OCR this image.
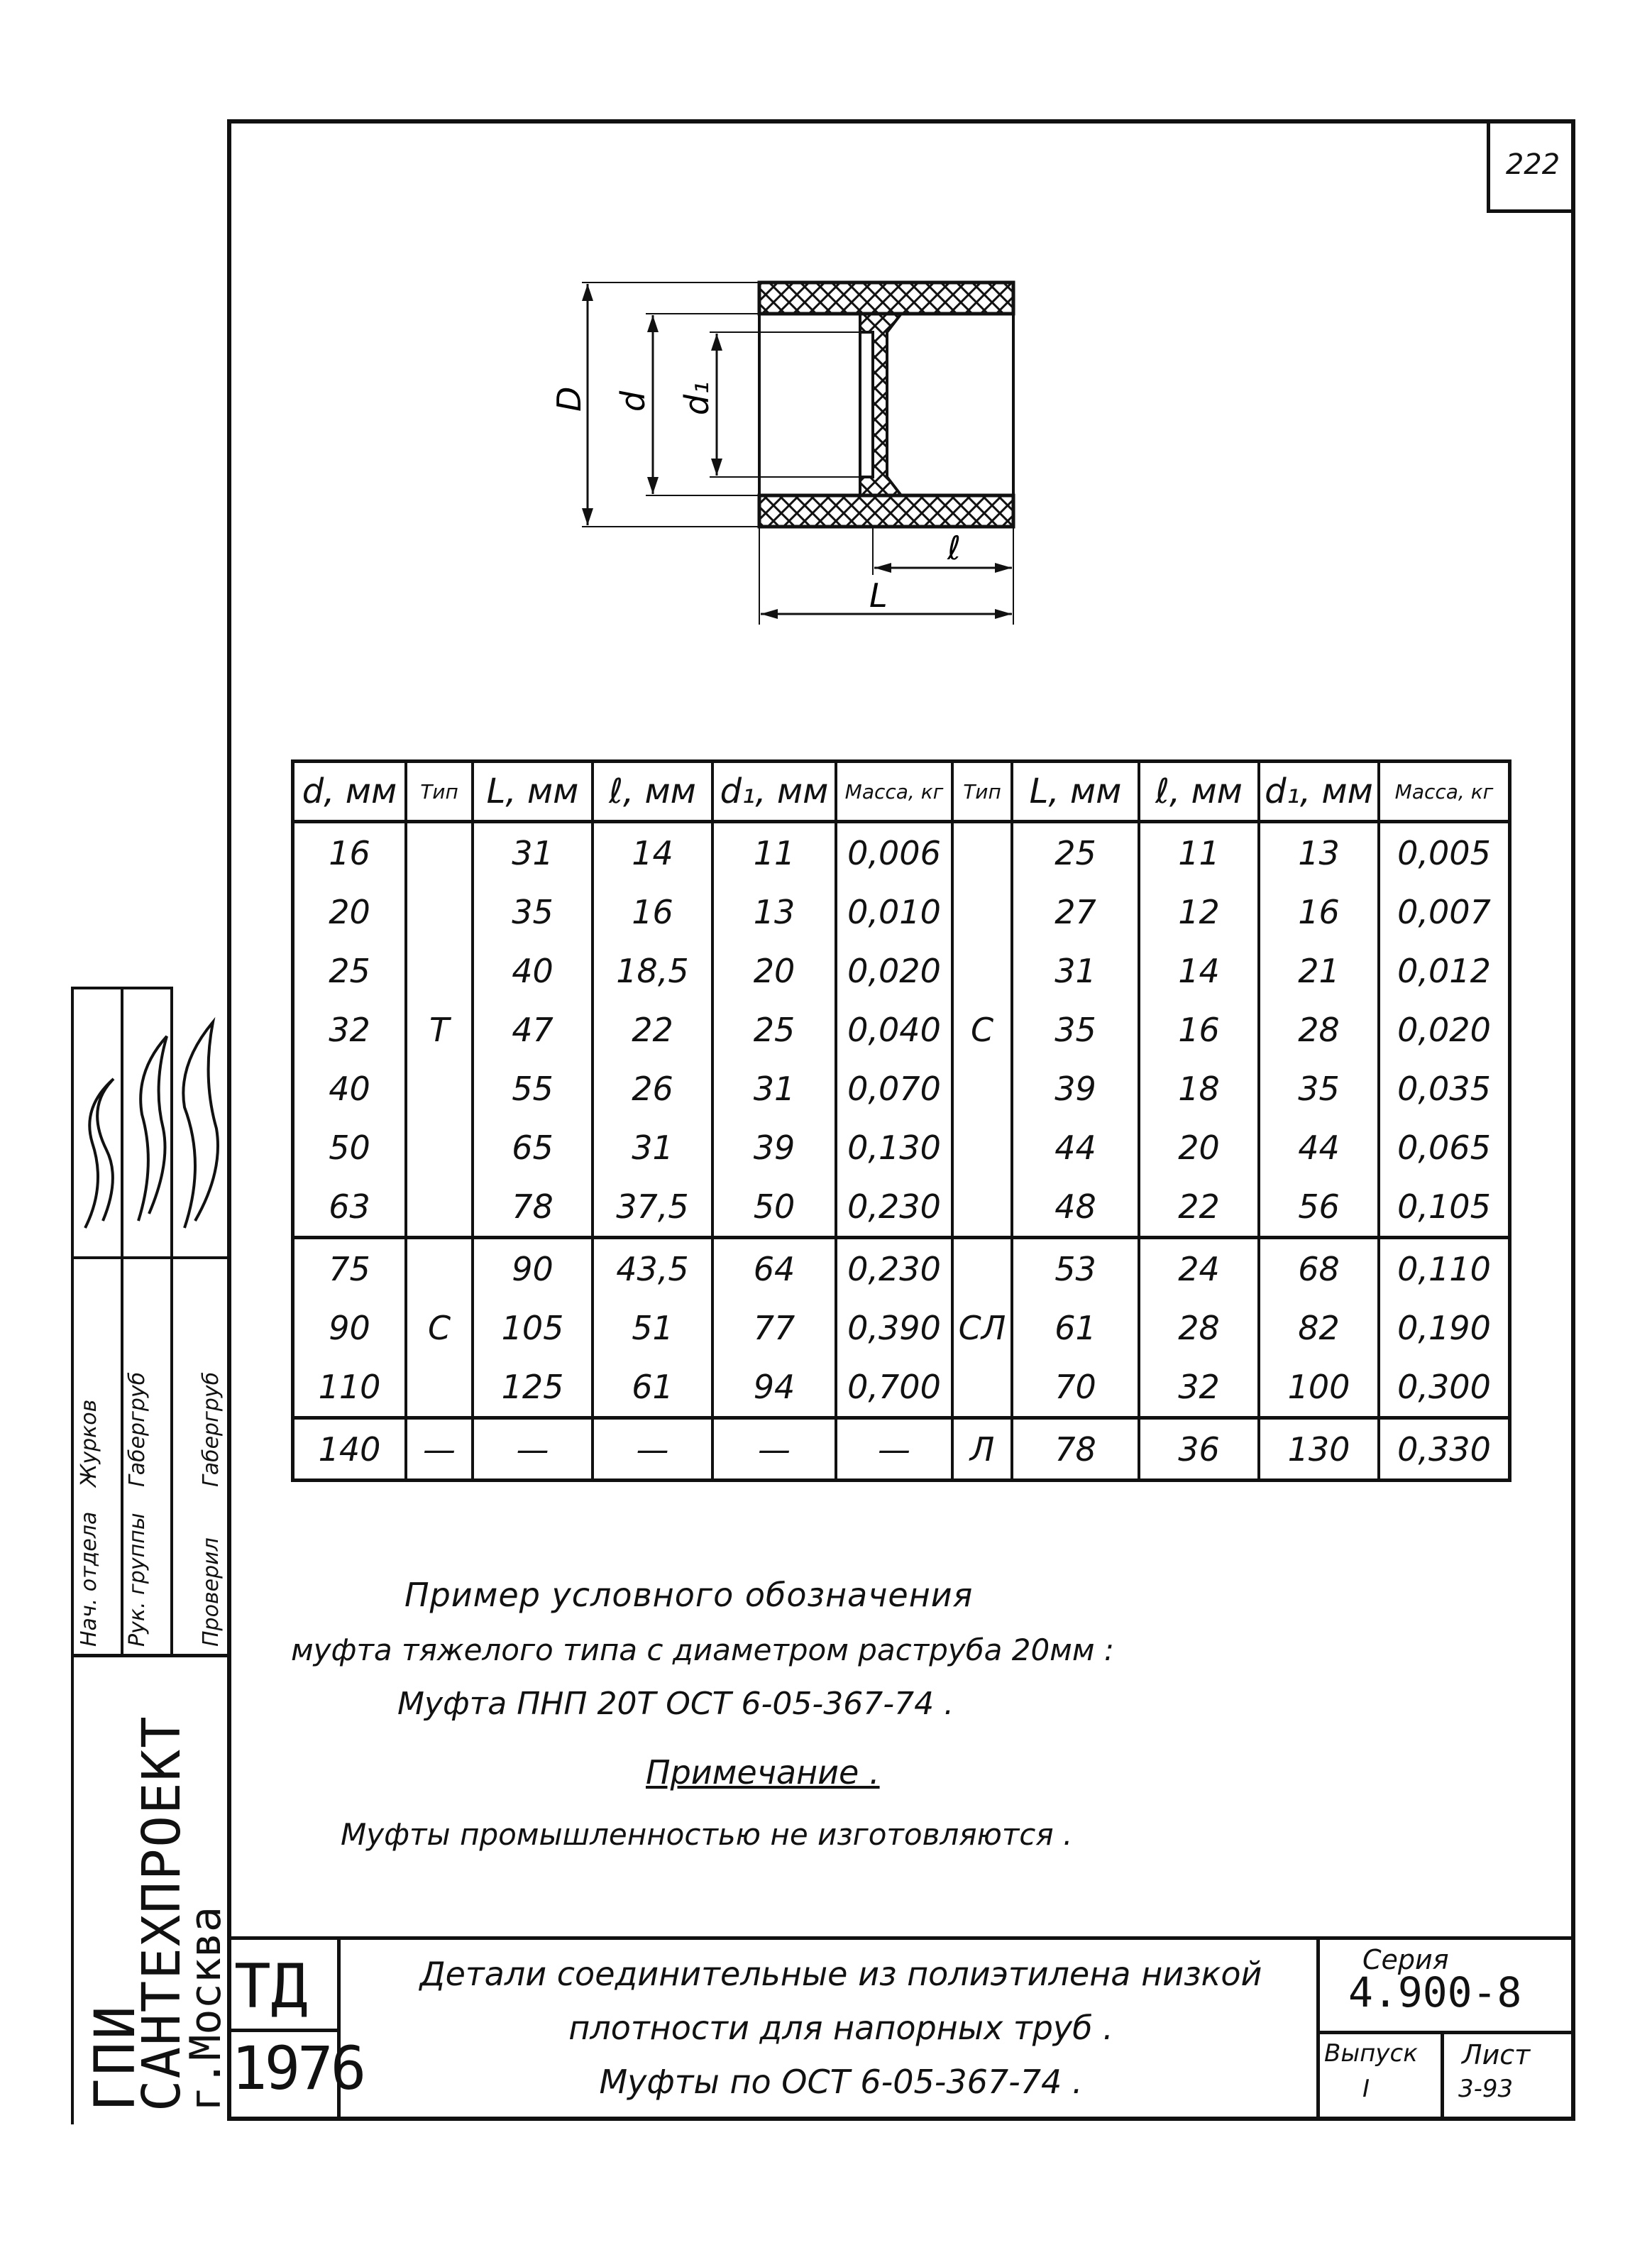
222
D d d₁
ℓ
L
d, мм	Тип	L, мм	ℓ, мм	d₁, мм	Масса, кг	Тип	L, мм	ℓ, мм	d₁, мм	Масса, кг
16	Т	31	14	11	0,006	С	25	11	13	0,005
20		35	16	13	0,010		27	12	16	0,007
25		40	18,5	20	0,020		31	14	21	0,012
32		47	22	25	0,040		35	16	28	0,020
40		55	26	31	0,070		39	18	35	0,035
50		65	31	39	0,130		44	20	44	0,065
63		78	37,5	50	0,230		48	22	56	0,105
75	С	90	43,5	64	0,230	СЛ	53	24	68	0,110
90		105	51	77	0,390		61	28	82	0,190
110		125	61	94	0,700		70	32	100	0,300
140	—	—	—	—	—	Л	78	36	130	0,330
Пример условного обозначения
муфта тяжелого типа с диаметром раструба 20мм :
Муфта ПНП 20Т ОСТ 6-05-367-74 .
Примечание .
Муфты промышленностью не изготовляются .
ТД
1976
Детали соединительные из полиэтилена низкой
плотности для напорных труб .
Муфты по ОСТ 6-05-367-74 .
Серия
4.900-8
Выпуск
I
Лист
3-93
ГПИ
САНТЕХПРОЕКТ
г.Москва
Нач. отдела
Журков
Рук. группы
Габергруб
Проверил
Габергруб
